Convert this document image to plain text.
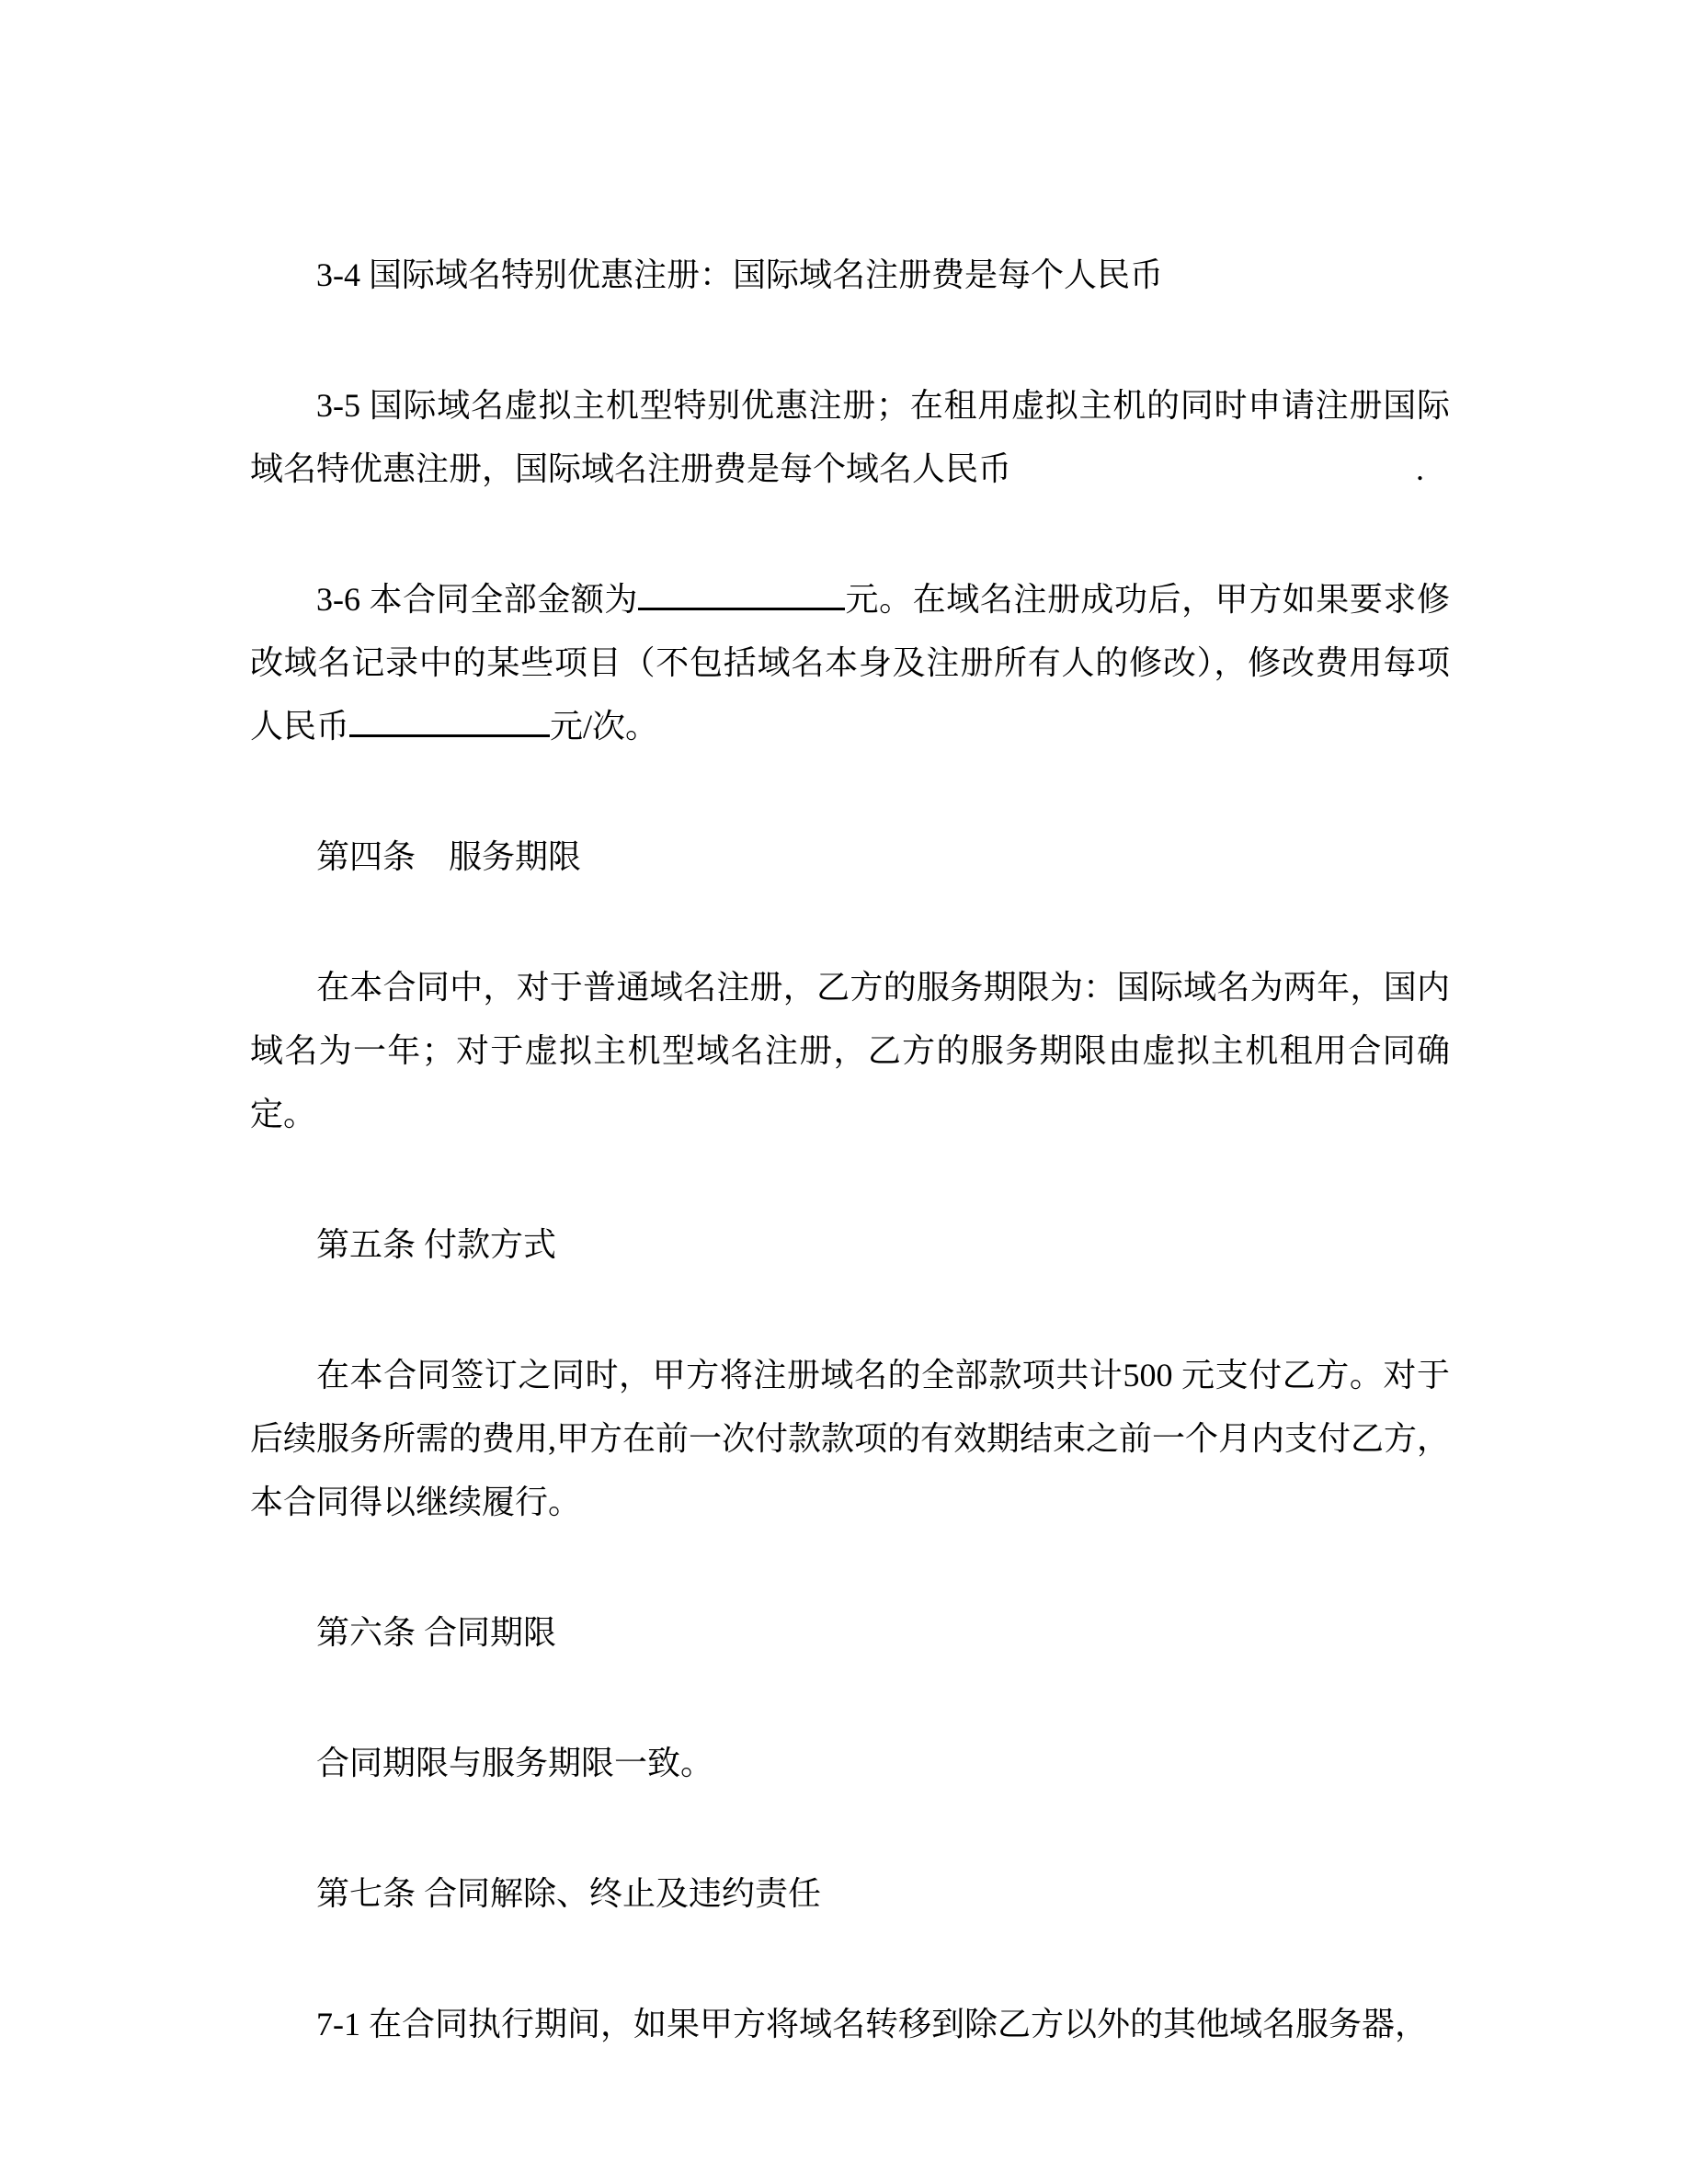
3-4 国际域名特别优惠注册：国际域名注册费是每个人民币

3-5 国际域名虚拟主机型特别优惠注册；在租用虚拟主机的同时申请注册国际域名特优惠注册，国际域名注册费是每个域名人民币	.

3-6 本合同全部金额为	元。在域名注册成功后，甲方如果要求修改域名记录中的某些项目（不包括域名本身及注册所有人的修改），修改费用每项人民币	元/次。

第四条　服务期限

在本合同中，对于普通域名注册，乙方的服务期限为：国际域名为两年，国内域名为一年；对于虚拟主机型域名注册，乙方的服务期限由虚拟主机租用合同确定。

第五条 付款方式

在本合同签订之同时，甲方将注册域名的全部款项共计500 元支付乙方。对于后续服务所需的费用,甲方在前一次付款款项的有效期结束之前一个月内支付乙方，本合同得以继续履行。

第六条 合同期限

合同期限与服务期限一致。

第七条 合同解除、终止及违约责任

7-1 在合同执行期间，如果甲方将域名转移到除乙方以外的其他域名服务器，
